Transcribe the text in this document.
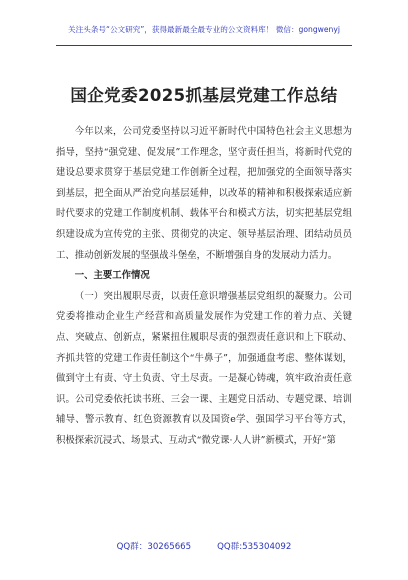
关注头条号“公文研究”，获得最新最全最专业的公文资料库！ 微信：gongwenyj
国企党委2025抓基层党建工作总结

今年以来，公司党委坚持以习近平新时代中国特色社会主义思想为指导，坚持“强党建、促发展”工作理念，坚守责任担当，将新时代党的建设总要求贯穿于基层党建工作创新全过程，把加强党的全面领导落实到基层，把全面从严治党向基层延伸，以改革的精神和积极探索适应新时代要求的党建工作制度机制、载体平台和模式方法，切实把基层党组织建设成为宣传党的主张、贯彻党的决定、领导基层治理、团结动员员工、推动创新发展的坚强战斗堡垒，不断增强自身的发展动力活力。

一、主要工作情况

（一）突出履职尽责，以责任意识增强基层党组织的凝聚力。公司党委将推动企业生产经营和高质量发展作为党建工作的着力点、关键点、突破点、创新点，紧紧扭住履职尽责的强烈责任意识和上下联动、齐抓共管的党建工作责任制这个“牛鼻子”，加强通盘考虑、整体谋划，做到守土有责、守土负责、守土尽责。一是凝心铸魂，筑牢政治责任意识。公司党委依托读书班、三会一课、主题党日活动、专题党课、培训辅导、警示教育、红色资源教育以及国资e学、强国学习平台等方式，积极探索沉浸式、场景式、互动式“微党课·人人讲”新模式，开好“第

QQ群：30265665	QQ群:535304092
